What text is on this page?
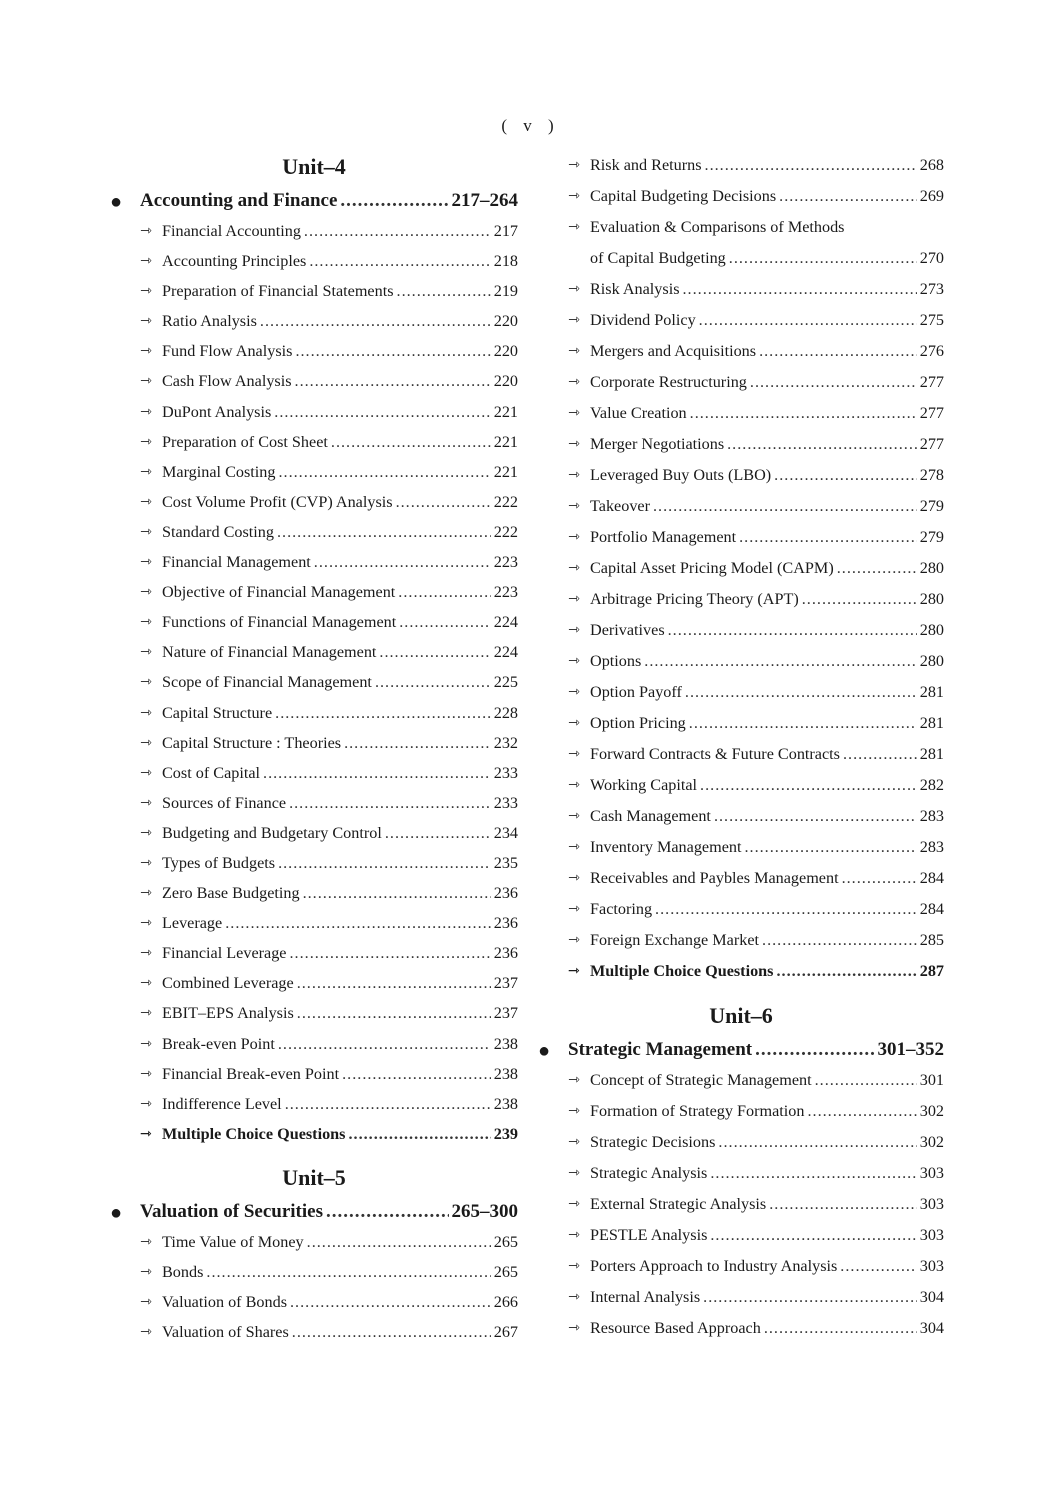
( v )
Unit–4
● Accounting and Finance .....	217–264
⇾ Financial Accounting .....	217
⇾ Accounting Principles .....	218
⇾ Preparation of Financial Statements .....	219
⇾ Ratio Analysis .....	220
⇾ Fund Flow Analysis .....	220
⇾ Cash Flow Analysis .....	220
⇾ DuPont Analysis .....	221
⇾ Preparation of Cost Sheet .....	221
⇾ Marginal Costing .....	221
⇾ Cost Volume Profit (CVP) Analysis .....	222
⇾ Standard Costing .....	222
⇾ Financial Management .....	223
⇾ Objective of Financial Management .....	223
⇾ Functions of Financial Management .....	224
⇾ Nature of Financial Management .....	224
⇾ Scope of Financial Management .....	225
⇾ Capital Structure .....	228
⇾ Capital Structure : Theories .....	232
⇾ Cost of Capital .....	233
⇾ Sources of Finance .....	233
⇾ Budgeting and Budgetary Control .....	234
⇾ Types of Budgets .....	235
⇾ Zero Base Budgeting .....	236
⇾ Leverage .....	236
⇾ Financial Leverage .....	236
⇾ Combined Leverage .....	237
⇾ EBIT–EPS Analysis .....	237
⇾ Break-even Point .....	238
⇾ Financial Break-even Point .....	238
⇾ Indifference Level .....	238
⇾ Multiple Choice Questions .....	239
Unit–5
● Valuation of Securities .....	265–300
⇾ Time Value of Money .....	265
⇾ Bonds .....	265
⇾ Valuation of Bonds .....	266
⇾ Valuation of Shares .....	267
⇾ Risk and Returns .....	268
⇾ Capital Budgeting Decisions .....	269
⇾ Evaluation & Comparisons of Methods
of Capital Budgeting .....	270
⇾ Risk Analysis .....	273
⇾ Dividend Policy .....	275
⇾ Mergers and Acquisitions .....	276
⇾ Corporate Restructuring .....	277
⇾ Value Creation .....	277
⇾ Merger Negotiations .....	277
⇾ Leveraged Buy Outs (LBO) .....	278
⇾ Takeover .....	279
⇾ Portfolio Management .....	279
⇾ Capital Asset Pricing Model (CAPM) .....	280
⇾ Arbitrage Pricing Theory (APT) .....	280
⇾ Derivatives .....	280
⇾ Options .....	280
⇾ Option Payoff .....	281
⇾ Option Pricing .....	281
⇾ Forward Contracts & Future Contracts .....	281
⇾ Working Capital .....	282
⇾ Cash Management .....	283
⇾ Inventory Management .....	283
⇾ Receivables and Paybles Management .....	284
⇾ Factoring .....	284
⇾ Foreign Exchange Market .....	285
⇾ Multiple Choice Questions .....	287
Unit–6
● Strategic Management .....	301–352
⇾ Concept of Strategic Management .....	301
⇾ Formation of Strategy Formation .....	302
⇾ Strategic Decisions .....	302
⇾ Strategic Analysis .....	303
⇾ External Strategic Analysis .....	303
⇾ PESTLE Analysis .....	303
⇾ Porters Approach to Industry Analysis .....	303
⇾ Internal Analysis .....	304
⇾ Resource Based Approach .....	304
